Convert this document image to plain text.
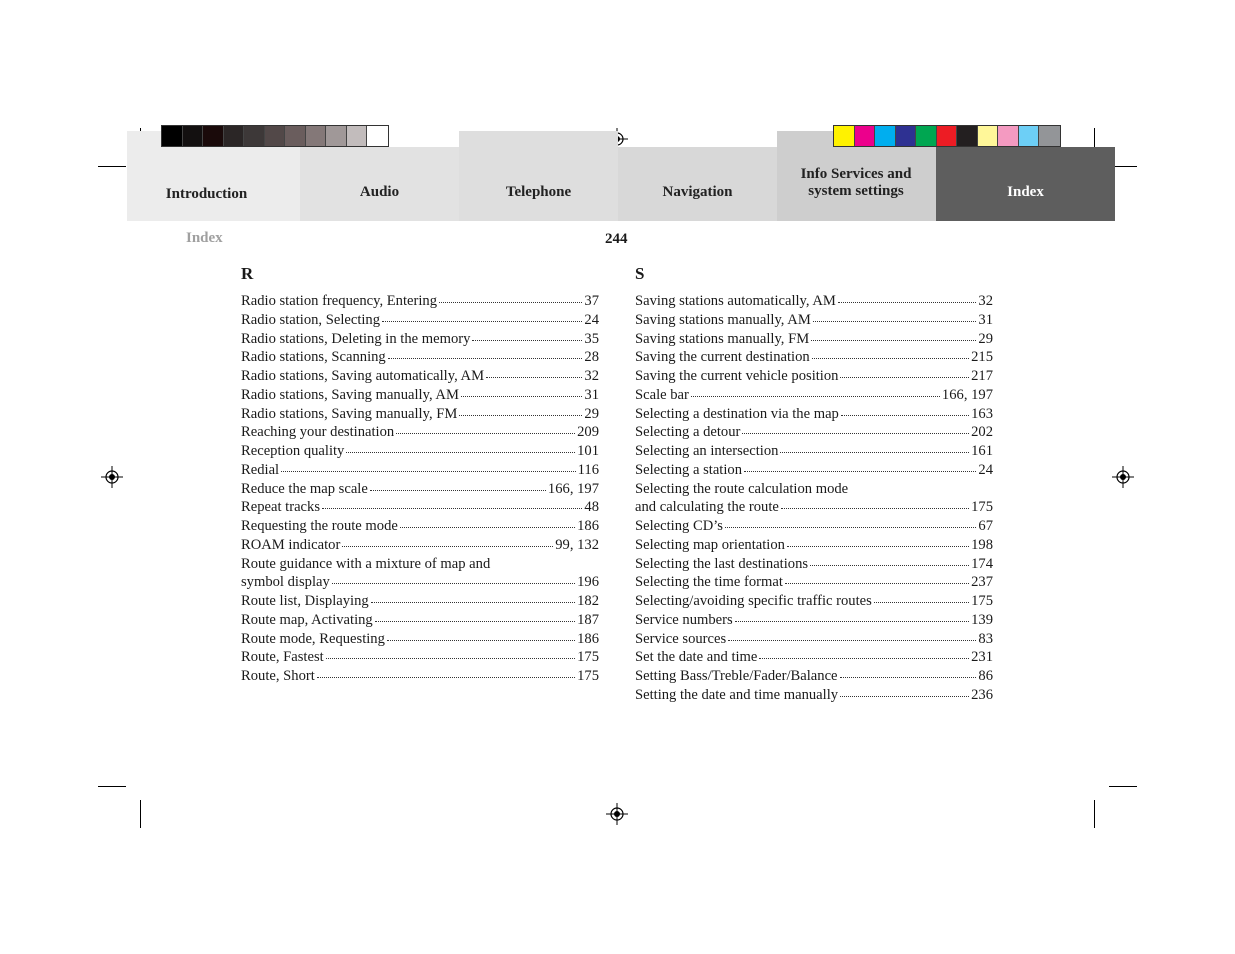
Introduction	Audio	Telephone	Navigation
Info Services and system settings	Index
Index	244
R	S
Radio station frequency, Entering	37
Radio station, Selecting	24
Radio stations, Deleting in the memory	35
Radio stations, Scanning	28
Radio stations, Saving automatically, AM	32
Radio stations, Saving manually, AM	31
Radio stations, Saving manually, FM	29
Reaching your destination	209
Reception quality	101
Redial	116
Reduce the map scale	166, 197
Repeat tracks	48
Requesting the route mode	186
ROAM indicator	99, 132
Route guidance with a mixture of map and
symbol display	196
Route list, Displaying	182
Route map, Activating	187
Route mode, Requesting	186
Route, Fastest	175
Route, Short	175
Saving stations automatically, AM	32
Saving stations manually, AM	31
Saving stations manually, FM	29
Saving the current destination	215
Saving the current vehicle position	217
Scale bar	166, 197
Selecting a destination via the map	163
Selecting a detour	202
Selecting an intersection	161
Selecting a station	24
Selecting the route calculation mode
and calculating the route	175
Selecting CD’s	67
Selecting map orientation	198
Selecting the last destinations	174
Selecting the time format	237
Selecting/avoiding specific traffic routes	175
Service numbers	139
Service sources	83
Set the date and time	231
Setting Bass/Treble/Fader/Balance	86
Setting the date and time manually	236
